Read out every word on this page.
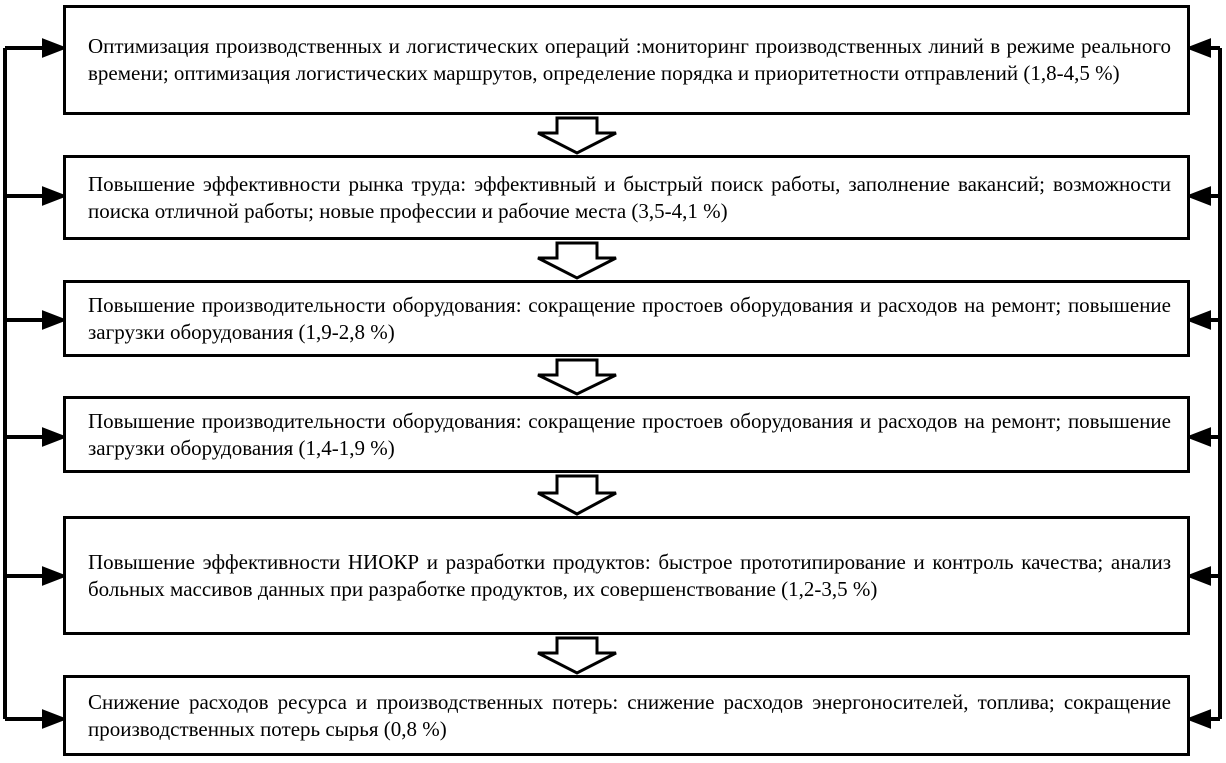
Оптимизация производственных и логистических операций :мониторинг производственных линий в режиме реального времени; оптимизация логистических маршрутов, определение порядка и приоритетности отправлений (1,8-4,5 %)
Повышение эффективности рынка труда: эффективный и быстрый поиск работы, заполнение вакансий; возможности поиска отличной работы; новые профессии и рабочие места (3,5-4,1 %)
Повышение производительности оборудования: сокращение простоев оборудования и расходов на ремонт; повышение загрузки оборудования (1,9-2,8 %)
Повышение производительности оборудования: сокращение простоев оборудования и расходов на ремонт; повышение загрузки оборудования (1,4-1,9 %)
Повышение эффективности НИОКР и разработки продуктов: быстрое прототипирование и контроль качества; анализ больных массивов данных при разработке продуктов, их совершенствование (1,2-3,5 %)
Снижение расходов ресурса и производственных потерь: снижение расходов энергоносителей, топлива; сокращение производственных потерь сырья (0,8 %)
